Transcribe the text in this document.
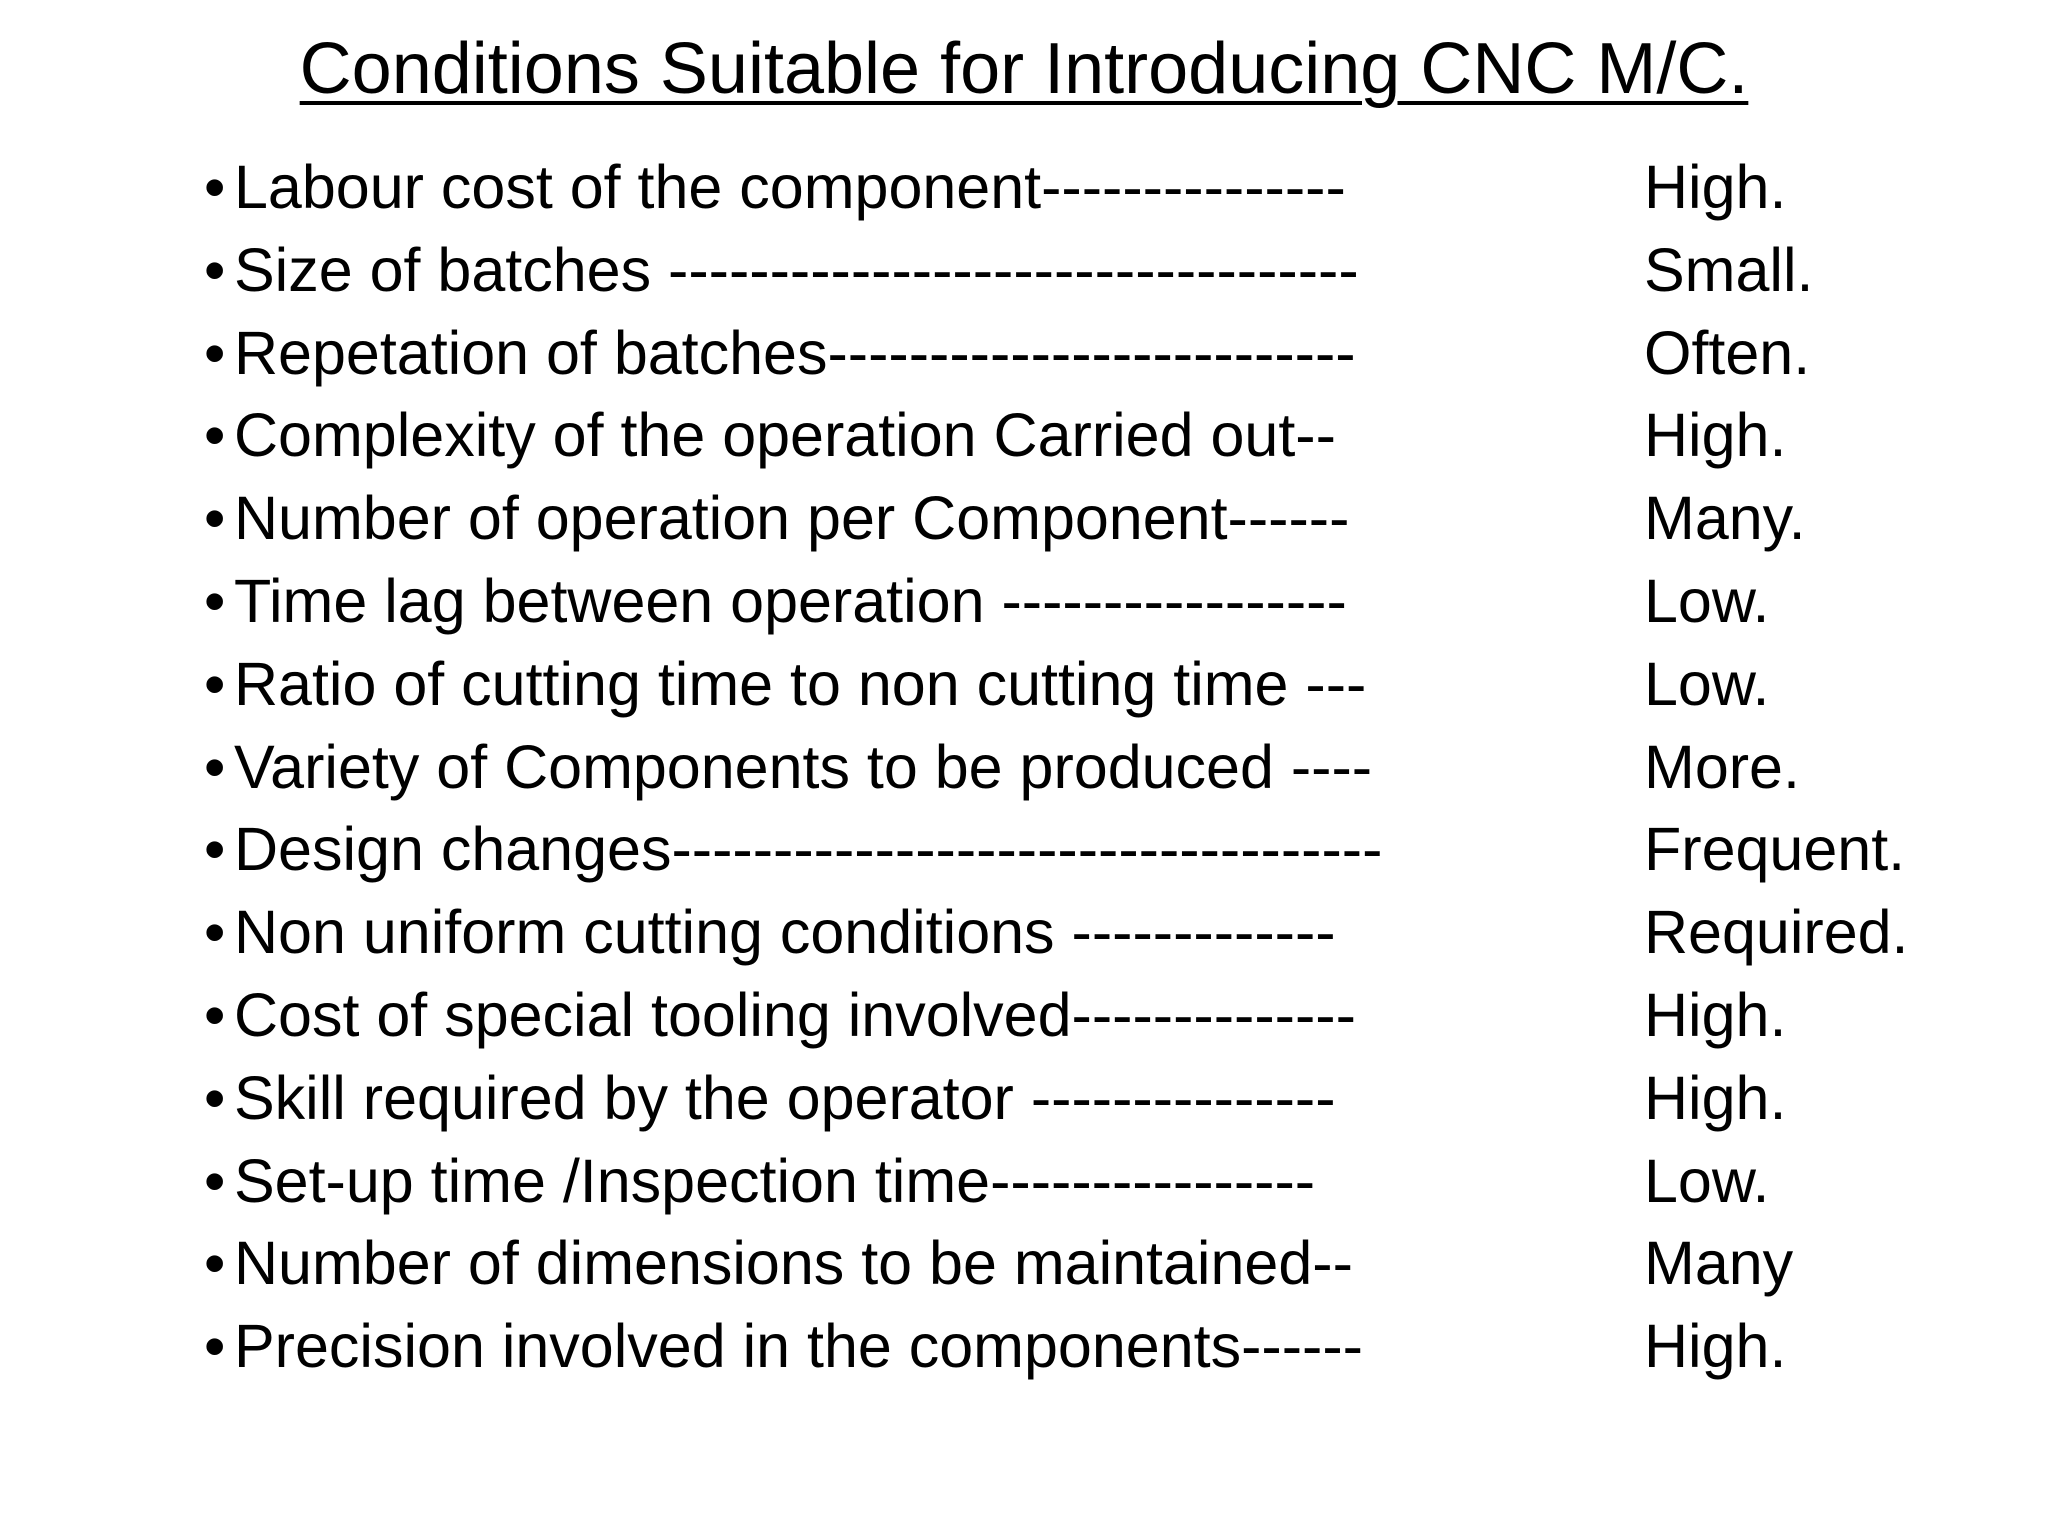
Conditions Suitable for Introducing CNC M/C.
• Labour cost of the component---------------	High.
• Size of batches ----------------------------------	Small.
• Repetation of batches--------------------------	Often.
• Complexity of the operation Carried out--	High.
• Number of operation per Component------	Many.
• Time lag between operation -----------------	Low.
• Ratio of cutting time to non cutting time ---	Low.
• Variety of Components to be produced ----	More.
• Design changes-----------------------------------	Frequent.
• Non uniform cutting conditions -------------	Required.
• Cost of special tooling involved--------------	High.
• Skill required by the operator ---------------	High.
• Set-up time /Inspection time----------------	Low.
• Number of dimensions to be maintained--	Many
• Precision involved in the components------	High.
